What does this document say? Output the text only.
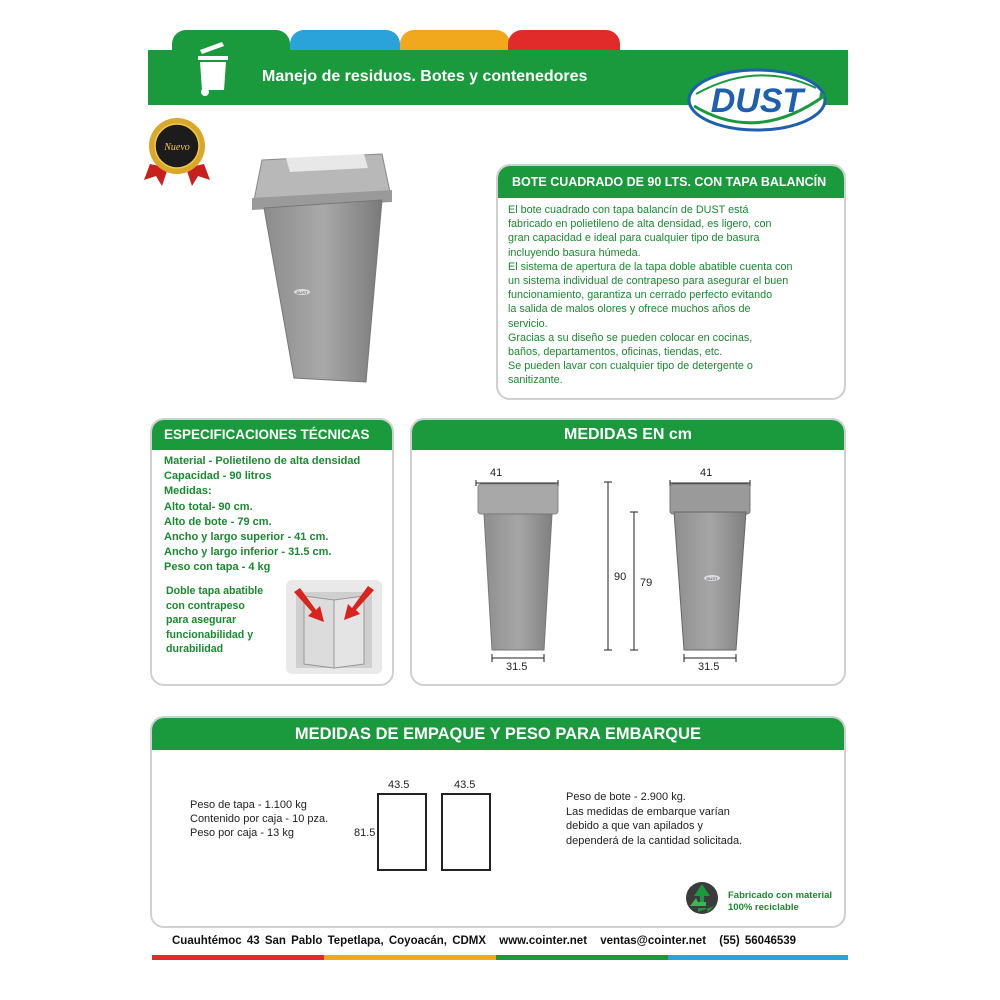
Manejo de residuos. Botes y contenedores
DUST
Nuevo
DUST
BOTE CUADRADO DE 90 LTS. CON TAPA BALANCÍN
El bote cuadrado con tapa balancín de DUST está
fabricado en polietileno de alta densidad, es ligero, con
gran capacidad e ideal para cualquier tipo de basura
incluyendo basura húmeda.
El sistema de apertura de la tapa doble abatible cuenta con
un sistema individual de contrapeso para asegurar el buen
funcionamiento, garantiza un cerrado perfecto evitando
la salida de malos olores y ofrece muchos años de
servicio.
Gracias a su diseño se pueden colocar en cocinas,
baños, departamentos, oficinas, tiendas, etc.
Se pueden lavar con cualquier tipo de detergente o
sanitizante.
ESPECIFICACIONES TÉCNICAS
Material - Polietileno de alta densidad
Capacidad - 90 litros
Medidas:
Alto total- 90 cm.
Alto de bote - 79 cm.
Ancho y largo superior - 41 cm.
Ancho y largo inferior - 31.5 cm.
Peso con tapa - 4 kg
Doble tapa abatible
con contrapeso
para asegurar
funcionabilidad y
durabilidad
MEDIDAS EN cm
41
31.5
90 79
41
DUST
31.5
MEDIDAS DE EMPAQUE Y PESO PARA EMBARQUE
Peso de tapa - 1.100 kg
Contenido por caja - 10 pza.
Peso por caja - 13 kg
43.5	43.5
81.5
Peso de bote - 2.900 kg.
Las medidas de embarque varían
debido a que van apilados y
dependerá de la cantidad solicitada.
Fabricado con material
100% reciclable
Cuauhtémoc 43 San Pablo Tepetlapa, Coyoacán, CDMX www.cointer.net ventas@cointer.net (55) 56046539
